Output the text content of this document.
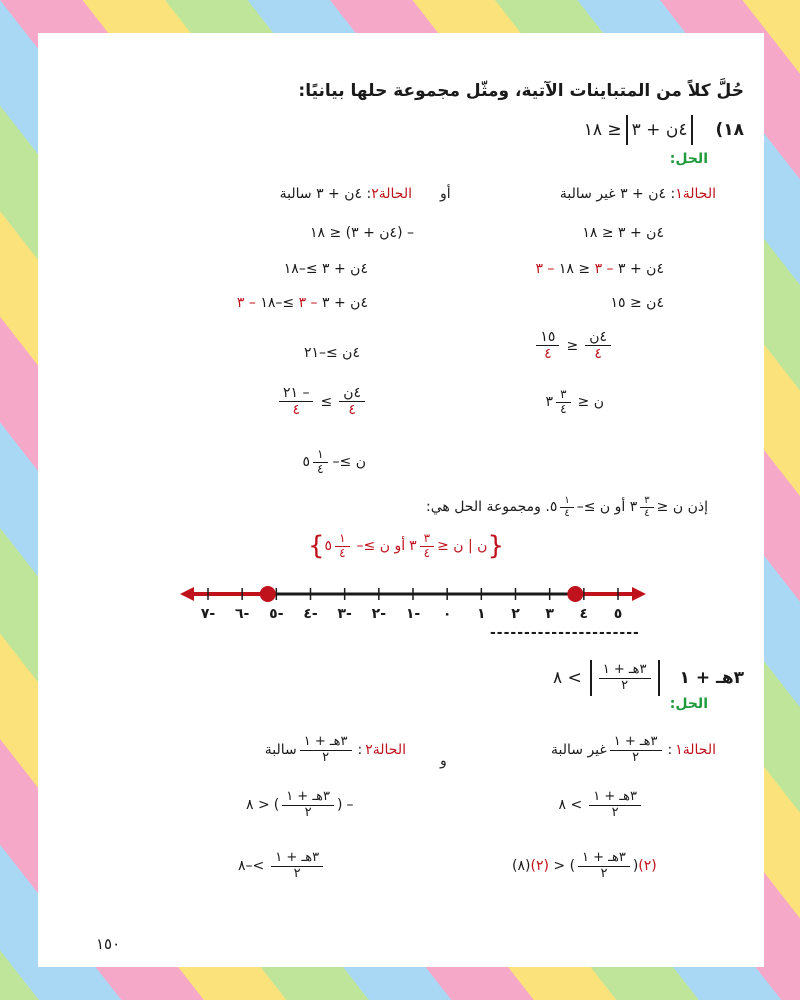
حُلَّ كلاً من المتباينات الآتية، ومثّل مجموعة حلها بيانيًا:
١٨)
٤ن + ٣
≤ ١٨
الحل:
الحالة١: ٤ن + ٣ غير سالبة
أو
الحالة٢: ٤ن + ٣ سالبة
٤ن + ٣ ≤ ١٨
٤ن + ٣ – ٣ ≤ ١٨ – ٣
٤ن ≤ ١٥
$\frac{\text{٤ن}}{٤}$
≤
$\frac{١٥}{٤}$
ن ≤
$\frac{٣}{٤}$
٣
– (٤ن + ٣) ≤ ١٨
٤ن + ٣ ≥–١٨
٤ن + ٣ – ٣ ≥–١٨ – ٣
٤ن ≥–٢١
$\frac{\text{٤ن}}{٤}$
≥
$\frac{- ٢١}{٤}$
ن ≥–
$\frac{١}{٤}$
٥
إذن ن ≤
$\frac{٣}{٤}$
٣ أو ن ≥–
$\frac{١}{٤}$
٥. ومجموعة الحل هي:
{
ن | ن ≤
$\frac{٣}{٤}$
٣
أو ن ≥–
$\frac{١}{٤}$
٥
}
٧- ٦- ٥- ٤- ٣- ٢- ١- ٠ ١ ٢ ٣ ٤ ٥
----------------------
٣هـ + ١
$\frac{\text{٣هـ + ١}}{٢}$
> ٨
الحل:
الحالة١
:
$\frac{\text{٣هـ + ١}}{٢}$
غير سالبة
و
الحالة٢
:
$\frac{\text{٣هـ + ١}}{٢}$
سالبة
$\frac{\text{٣هـ + ١}}{٢}$
> ٨
(٨) (٢) > ( $\frac{\text{٣هـ + ١}}{٢}$ ) (٢)
٨ > ( $\frac{\text{٣هـ + ١}}{٢}$ ) –
٨–< $\frac{\text{٣هـ + ١}}{٢}$
١٥٠
